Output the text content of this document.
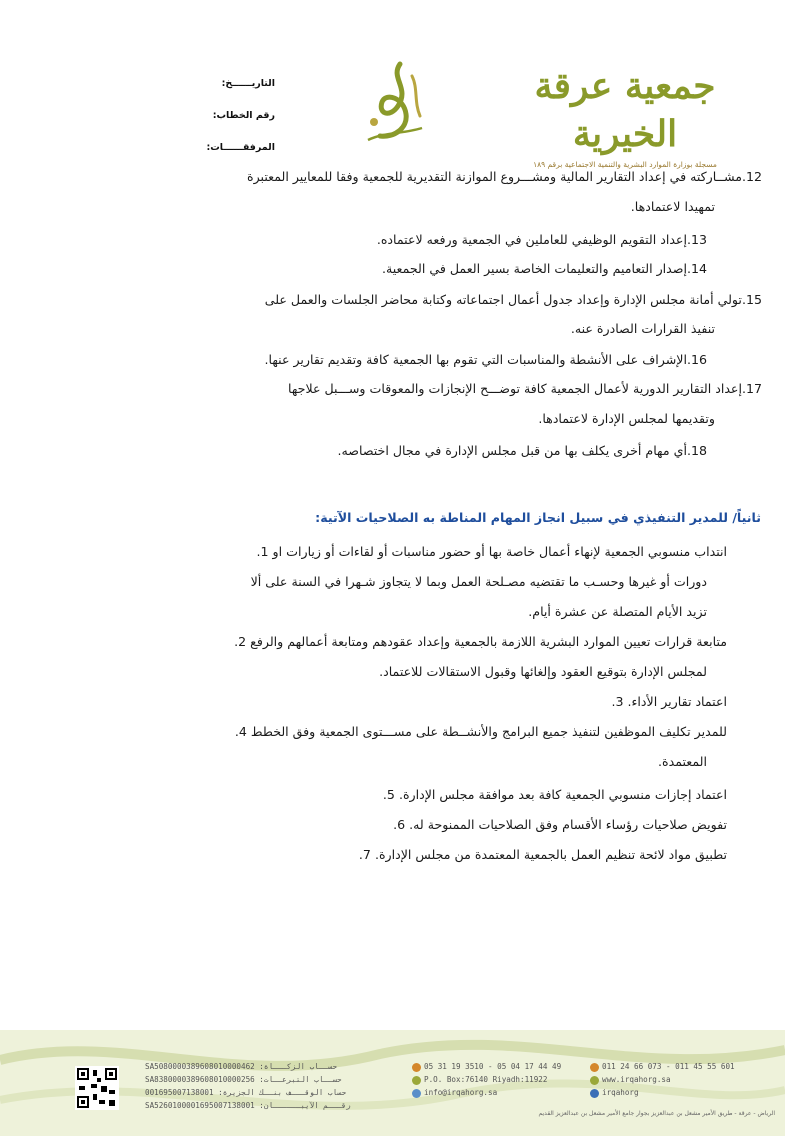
جمعية عرقة الخيرية
مسجلة بوزارة الموارد البشرية والتنمية الاجتماعية برقم ١٨٩
التاريــــــخ:
رقم الخطاب:
المرفقــــــات:
12.مشــاركته في إعداد التقارير المالية ومشـــروع الموازنة التقديرية للجمعية وفقا للمعايير المعتبرة
تمهيدا لاعتمادها.
13.إعداد التقويم الوظيفي للعاملين في الجمعية ورفعه لاعتماده.
14.إصدار التعاميم والتعليمات الخاصة بسير العمل في الجمعية.
15.تولي أمانة مجلس الإدارة وإعداد جدول أعمال اجتماعاته وكتابة محاضر الجلسات والعمل على
تنفيذ القرارات الصادرة عنه.
16.الإشراف على الأنشطة والمناسبات التي تقوم بها الجمعية كافة وتقديم تقارير عنها.
17.إعداد التقارير الدورية لأعمال الجمعية كافة توضـــح الإنجازات والمعوقات وســـبل علاجها
وتقديمها لمجلس الإدارة لاعتمادها.
18.أي مهام أخرى يكلف بها من قبل مجلس الإدارة في مجال اختصاصه.
ثانياً/ للمدير التنفيذي في سبيل انجاز المهام المناطة به الصلاحيات الآتية:
انتداب منسوبي الجمعية لإنهاء أعمال خاصة بها أو حضور مناسبات أو لقاءات أو زيارات او 1.
دورات أو غيرها وحسـب ما تقتضيه مصـلحة العمل وبما لا يتجاوز شـهرا في السنة على ألا
تزيد الأيام المتصلة عن عشرة أيام.
متابعة قرارات تعيين الموارد البشرية اللازمة بالجمعية وإعداد عقودهم ومتابعة أعمالهم والرفع 2.
لمجلس الإدارة بتوقيع العقود وإلغائها وقبول الاستقالات للاعتماد.
اعتماد تقارير الأداء. 3.
للمدير تكليف الموظفين لتنفيذ جميع البرامج والأنشــطة على مســـتوى الجمعية وفق الخطط 4.
المعتمدة.
اعتماد إجازات منسوبي الجمعية كافة بعد موافقة مجلس الإدارة. 5.
تفويض صلاحيات رؤساء الأقسام وفق الصلاحيات الممنوحة له. 6.
تطبيق مواد لائحة تنظيم العمل بالجمعية المعتمدة من مجلس الإدارة. 7.
SA5080000389608010000462 :حســاب الزكـــاة
SA8380000389608010000256 :حســاب التبرعــات
001695007138001 :حساب الوقـــف بنــك الجزيرة
SA5260100001695007138001 :رقـــم الآيبــــــان
05 31 19 3510 - 05 04 17 44 49
P.O. Box:76140 Riyadh:11922
info@irqahorg.sa
011 24 66 073 - 011 45 55 601
www.irqahorg.sa
irqahorg
الرياض - عرقة - طريق الأمير مشعل بن عبدالعزيز بجوار جامع الأمير مشعل بن عبدالعزيز القديم
